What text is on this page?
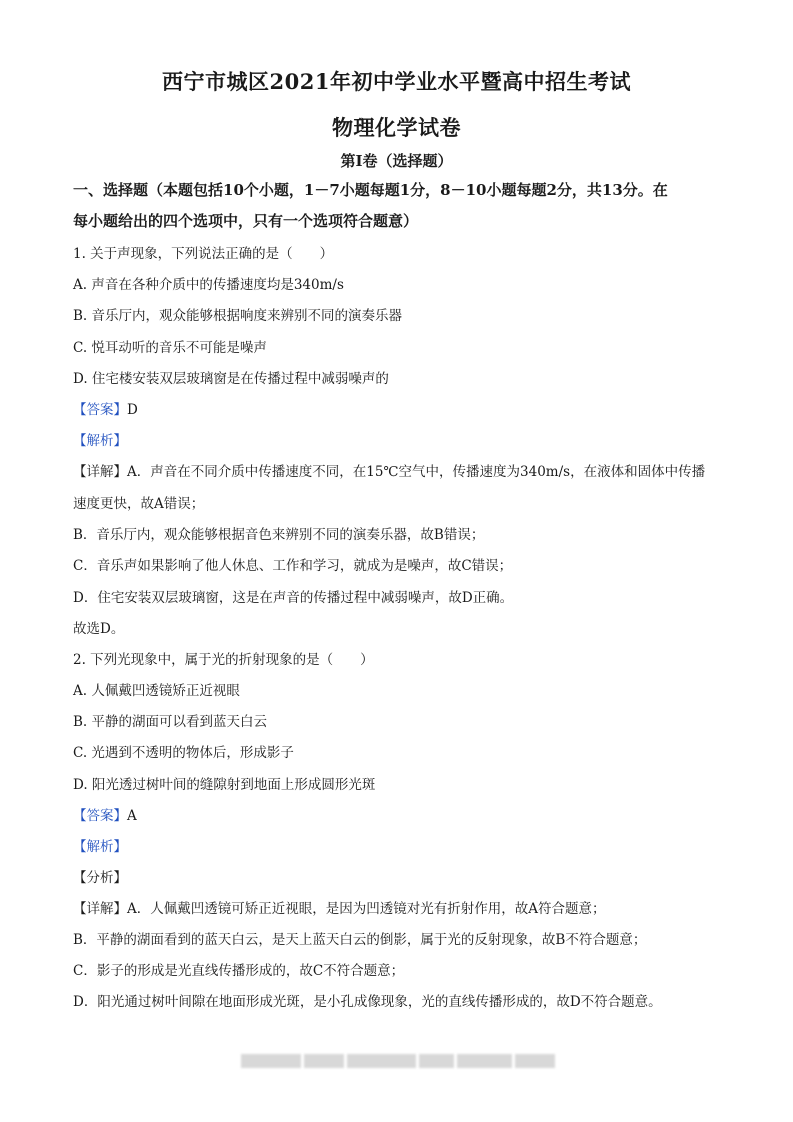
西宁市城区2021年初中学业水平暨高中招生考试
物理化学试卷
第Ⅰ卷（选择题）
一、选择题（本题包括10个小题，1－7小题每题1分，8－10小题每题2分，共13分。在
每小题给出的四个选项中，只有一个选项符合题意）
1. 关于声现象，下列说法正确的是（　　）
A. 声音在各种介质中的传播速度均是340m/s
B. 音乐厅内，观众能够根据响度来辨别不同的演奏乐器
C. 悦耳动听的音乐不可能是噪声
D. 住宅楼安装双层玻璃窗是在传播过程中减弱噪声的
【答案】D
【解析】
【详解】A．声音在不同介质中传播速度不同，在15℃空气中，传播速度为340m/s，在液体和固体中传播
速度更快，故A错误；
B．音乐厅内，观众能够根据音色来辨别不同的演奏乐器，故B错误；
C．音乐声如果影响了他人休息、工作和学习，就成为是噪声，故C错误；
D．住宅安装双层玻璃窗，这是在声音的传播过程中减弱噪声，故D正确。
故选D。
2. 下列光现象中，属于光的折射现象的是（　　）
A. 人佩戴凹透镜矫正近视眼
B. 平静的湖面可以看到蓝天白云
C. 光遇到不透明的物体后，形成影子
D. 阳光透过树叶间的缝隙射到地面上形成圆形光斑
【答案】A
【解析】
【分析】
【详解】A．人佩戴凹透镜可矫正近视眼，是因为凹透镜对光有折射作用，故A符合题意；
B．平静的湖面看到的蓝天白云，是天上蓝天白云的倒影，属于光的反射现象，故B不符合题意；
C．影子的形成是光直线传播形成的，故C不符合题意；
D．阳光通过树叶间隙在地面形成光斑，是小孔成像现象，光的直线传播形成的，故D不符合题意。
